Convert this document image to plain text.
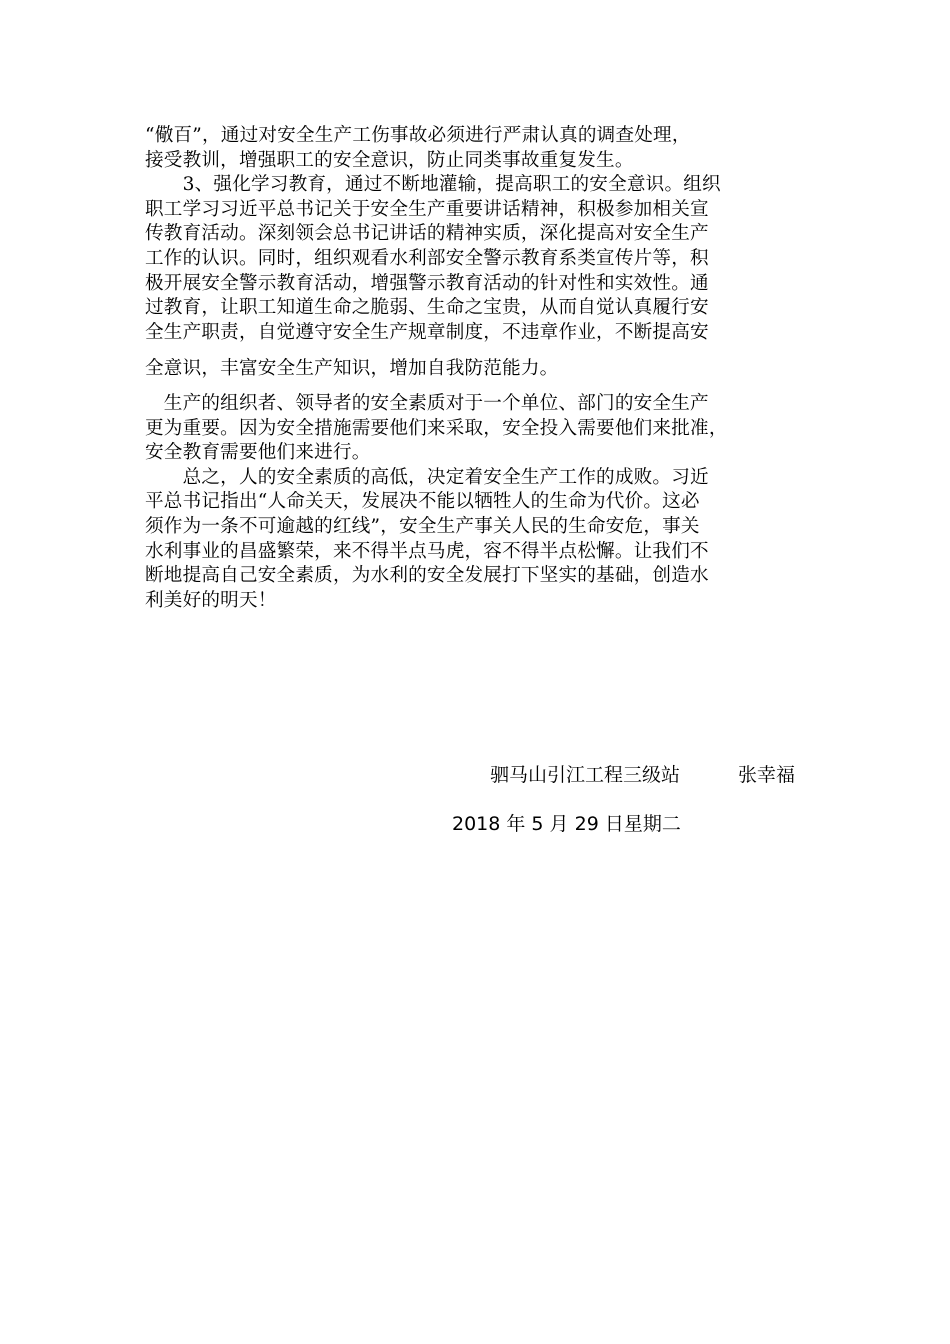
“儆百”，通过对安全生产工伤事故必须进行严肃认真的调查处理，
接受教训，增强职工的安全意识，防止同类事故重复发生。
　　3、强化学习教育，通过不断地灌输，提高职工的安全意识。组织
职工学习习近平总书记关于安全生产重要讲话精神，积极参加相关宣
传教育活动。深刻领会总书记讲话的精神实质，深化提高对安全生产
工作的认识。同时，组织观看水利部安全警示教育系类宣传片等，积
极开展安全警示教育活动，增强警示教育活动的针对性和实效性。通
过教育，让职工知道生命之脆弱、生命之宝贵，从而自觉认真履行安
全生产职责，自觉遵守安全生产规章制度，不违章作业，不断提高安
全意识，丰富安全生产知识，增加自我防范能力。
　生产的组织者、领导者的安全素质对于一个单位、部门的安全生产
更为重要。因为安全措施需要他们来采取，安全投入需要他们来批准，
安全教育需要他们来进行。
　　总之，人的安全素质的高低，决定着安全生产工作的成败。习近
平总书记指出“人命关天，发展决不能以牺牲人的生命为代价。这必
须作为一条不可逾越的红线”，安全生产事关人民的生命安危，事关
水利事业的昌盛繁荣，来不得半点马虎，容不得半点松懈。让我们不
断地提高自己安全素质，为水利的安全发展打下坚实的基础，创造水
利美好的明天！
驷马山引江工程三级站	张幸福
2018 年 5 月 29 日星期二
